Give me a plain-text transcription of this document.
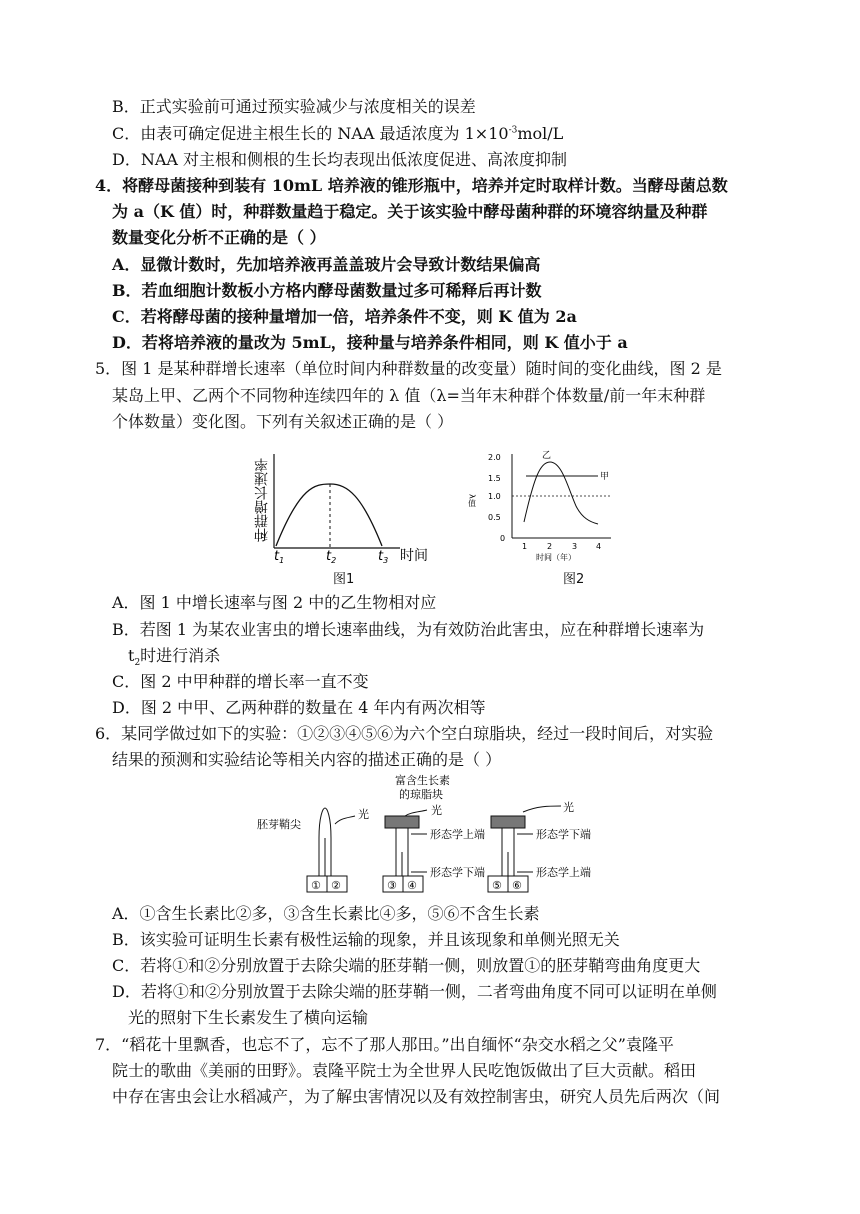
B．正式实验前可通过预实验减少与浓度相关的误差
C．由表可确定促进主根生长的 NAA 最适浓度为 $1\times 10^{-3}mol/L$
D．NAA 对主根和侧根的生长均表现出低浓度促进、高浓度抑制
4．将酵母菌接种到装有 10mL 培养液的锥形瓶中，培养并定时取样计数。当酵母菌总数
为 a（K 值）时，种群数量趋于稳定。关于该实验中酵母菌种群的环境容纳量及种群
数量变化分析不正确的是（ ）
A．显微计数时，先加培养液再盖盖玻片会导致计数结果偏高
B．若血细胞计数板小方格内酵母菌数量过多可稀释后再计数
C．若将酵母菌的接种量增加一倍，培养条件不变，则 K 值为 2a
D．若将培养液的量改为 5mL，接种量与培养条件相同，则 K 值小于 a
5．图 1 是某种群增长速率（单位时间内种群数量的改变量）随时间的变化曲线，图 2 是
某岛上甲、乙两个不同物种连续四年的 λ 值（λ=当年末种群个体数量/前一年末种群
个体数量）变化图。下列有关叙述正确的是（ ）
种群增长速率
$t_1$	$t_2$	$t_3$ 时间
图1
2.0
1.5
1.0
0.5
0
λ值
1 2 3 4
时间（年）
乙
甲
图2
A．图 1 中增长速率与图 2 中的乙生物相对应
B．若图 1 为某农业害虫的增长速率曲线，为有效防治此害虫，应在种群增长速率为
$t_2$时进行消杀
C．图 2 中甲种群的增长率一直不变
D．图 2 中甲、乙两种群的数量在 4 年内有两次相等
6．某同学做过如下的实验：①②③④⑤⑥为六个空白琼脂块，经过一段时间后，对实验
结果的预测和实验结论等相关内容的描述正确的是（ ）
胚芽鞘尖
光
① ②
富含生长素
的琼脂块
光
形态学上端
形态学下端
③ ④
光
形态学下端
形态学上端
⑤ ⑥
A．①含生长素比②多，③含生长素比④多，⑤⑥不含生长素
B．该实验可证明生长素有极性运输的现象，并且该现象和单侧光照无关
C．若将①和②分别放置于去除尖端的胚芽鞘一侧，则放置①的胚芽鞘弯曲角度更大
D．若将①和②分别放置于去除尖端的胚芽鞘一侧，二者弯曲角度不同可以证明在单侧
光的照射下生长素发生了横向运输
7．“稻花十里飘香，也忘不了，忘不了那人那田。”出自缅怀“杂交水稻之父”袁隆平
院士的歌曲《美丽的田野》。袁隆平院士为全世界人民吃饱饭做出了巨大贡献。稻田
中存在害虫会让水稻减产，为了解虫害情况以及有效控制害虫，研究人员先后两次（间
